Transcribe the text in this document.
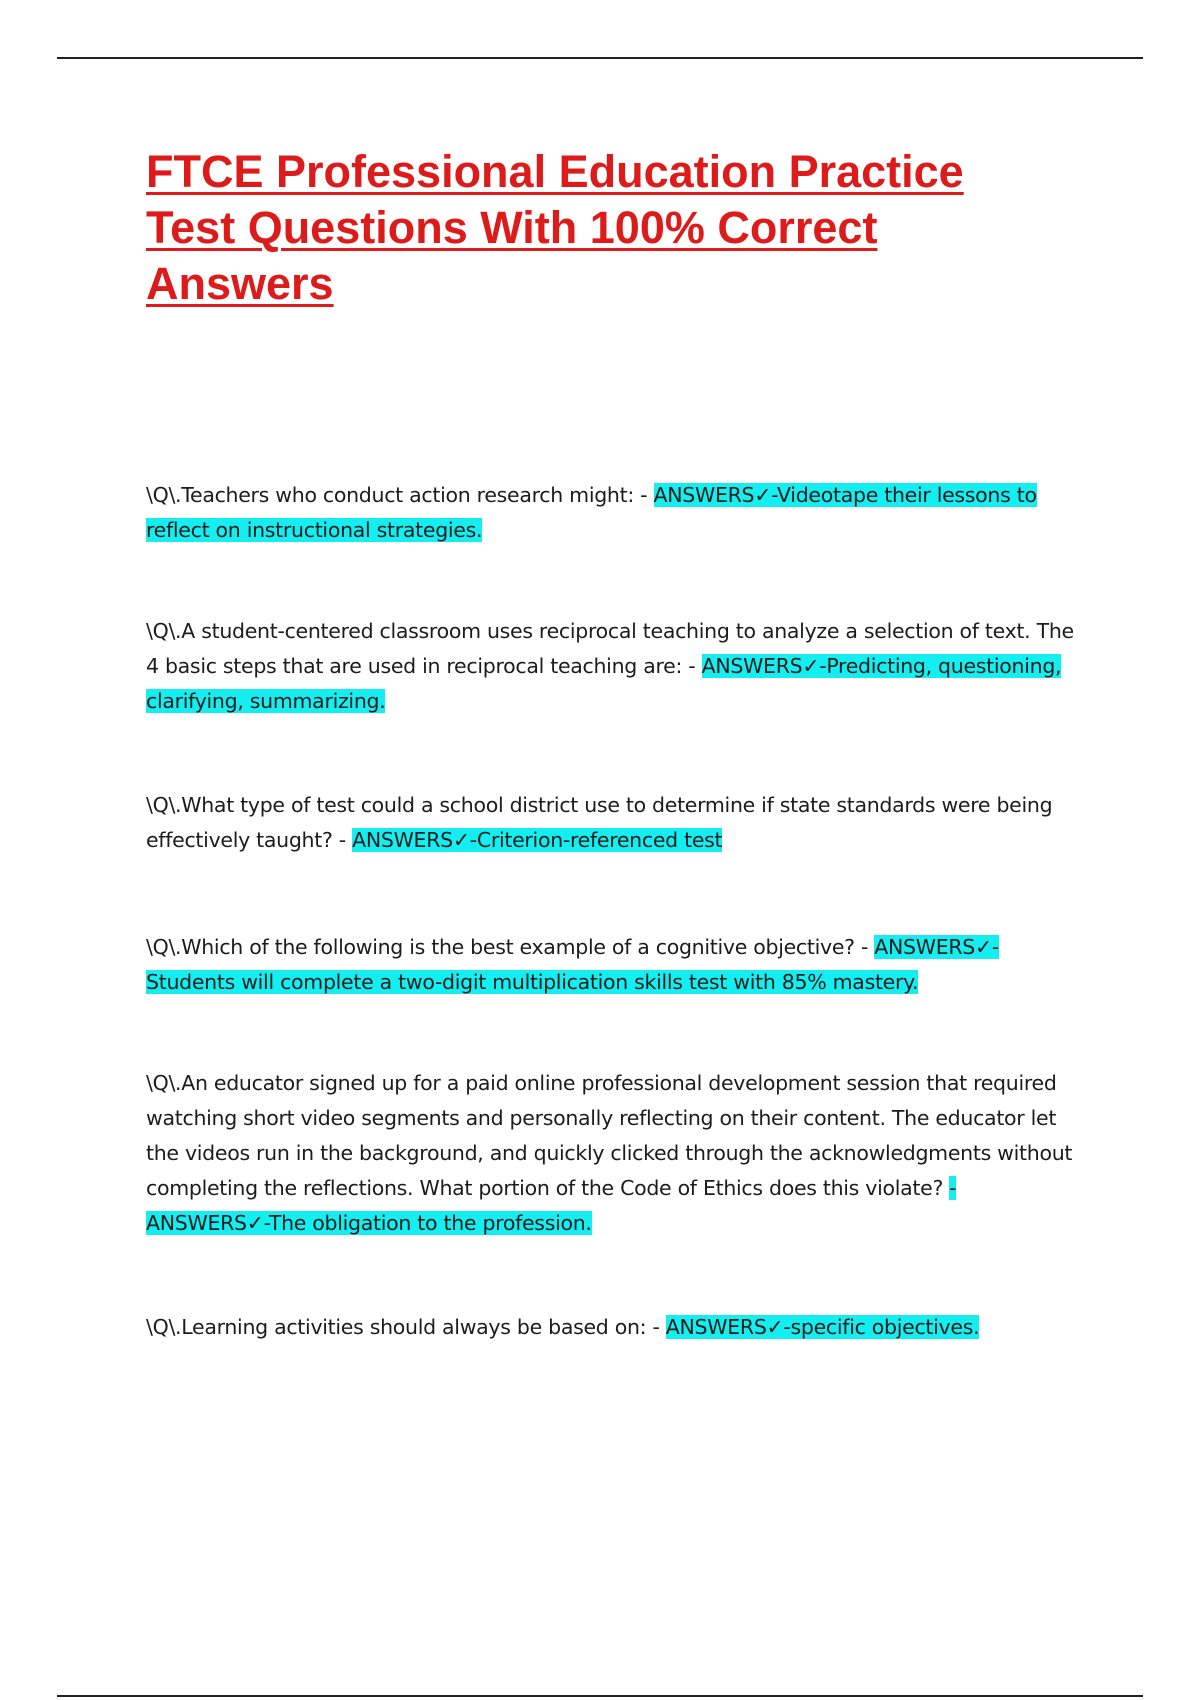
FTCE Professional Education Practice Test Questions With 100% Correct Answers

\Q\.Teachers who conduct action research might: - ANSWERS✓-Videotape their lessons to reflect on instructional strategies.

\Q\.A student-centered classroom uses reciprocal teaching to analyze a selection of text. The 4 basic steps that are used in reciprocal teaching are: - ANSWERS✓-Predicting, questioning, clarifying, summarizing.

\Q\.What type of test could a school district use to determine if state standards were being effectively taught? - ANSWERS✓-Criterion-referenced test

\Q\.Which of the following is the best example of a cognitive objective? - ANSWERS✓-Students will complete a two-digit multiplication skills test with 85% mastery.

\Q\.An educator signed up for a paid online professional development session that required watching short video segments and personally reflecting on their content. The educator let the videos run in the background, and quickly clicked through the acknowledgments without completing the reflections. What portion of the Code of Ethics does this violate? - ANSWERS✓-The obligation to the profession.

\Q\.Learning activities should always be based on: - ANSWERS✓-specific objectives.
